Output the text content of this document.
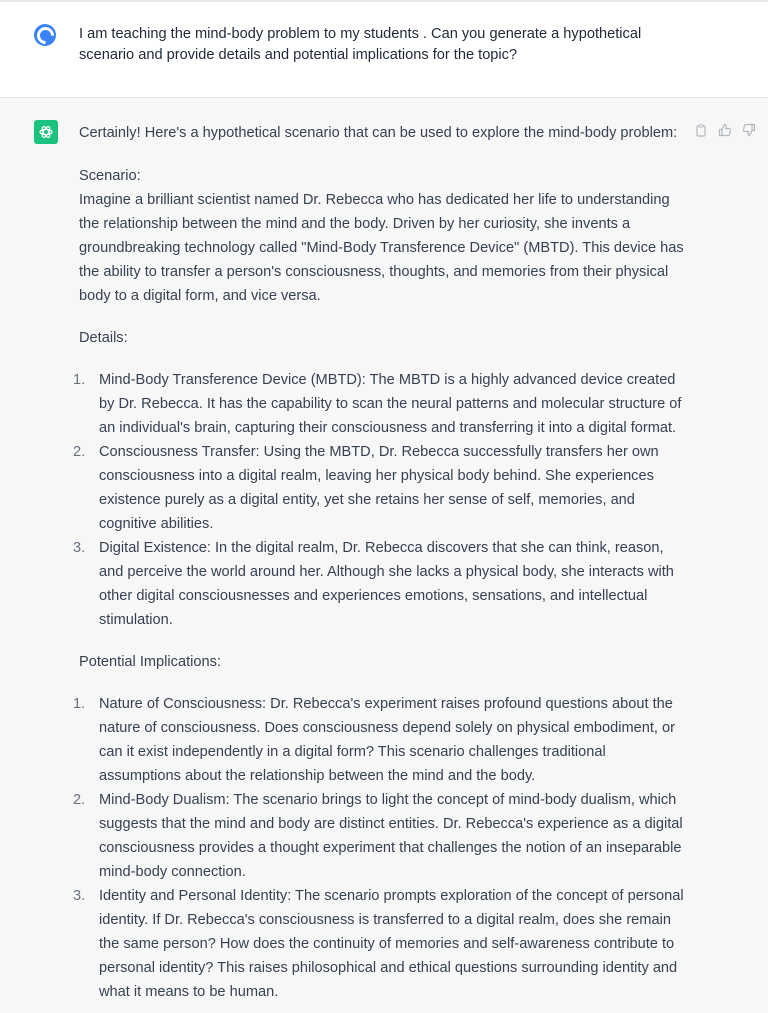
I am teaching the mind-body problem to my students . Can you generate a hypothetical scenario and provide details and potential implications for the topic?

Certainly! Here's a hypothetical scenario that can be used to explore the mind-body problem:

Scenario:

Imagine a brilliant scientist named Dr. Rebecca who has dedicated her life to understanding the relationship between the mind and the body. Driven by her curiosity, she invents a groundbreaking technology called "Mind-Body Transference Device" (MBTD). This device has the ability to transfer a person's consciousness, thoughts, and memories from their physical body to a digital form, and vice versa.

Details:

1. Mind-Body Transference Device (MBTD): The MBTD is a highly advanced device created by Dr. Rebecca. It has the capability to scan the neural patterns and molecular structure of an individual's brain, capturing their consciousness and transferring it into a digital format.
2. Consciousness Transfer: Using the MBTD, Dr. Rebecca successfully transfers her own consciousness into a digital realm, leaving her physical body behind. She experiences existence purely as a digital entity, yet she retains her sense of self, memories, and cognitive abilities.
3. Digital Existence: In the digital realm, Dr. Rebecca discovers that she can think, reason, and perceive the world around her. Although she lacks a physical body, she interacts with other digital consciousnesses and experiences emotions, sensations, and intellectual stimulation.

Potential Implications:

1. Nature of Consciousness: Dr. Rebecca's experiment raises profound questions about the nature of consciousness. Does consciousness depend solely on physical embodiment, or can it exist independently in a digital form? This scenario challenges traditional assumptions about the relationship between the mind and the body.
2. Mind-Body Dualism: The scenario brings to light the concept of mind-body dualism, which suggests that the mind and body are distinct entities. Dr. Rebecca's experience as a digital consciousness provides a thought experiment that challenges the notion of an inseparable mind-body connection.
3. Identity and Personal Identity: The scenario prompts exploration of the concept of personal identity. If Dr. Rebecca's consciousness is transferred to a digital realm, does she remain the same person? How does the continuity of memories and self-awareness contribute to personal identity? This raises philosophical and ethical questions surrounding identity and what it means to be human.
